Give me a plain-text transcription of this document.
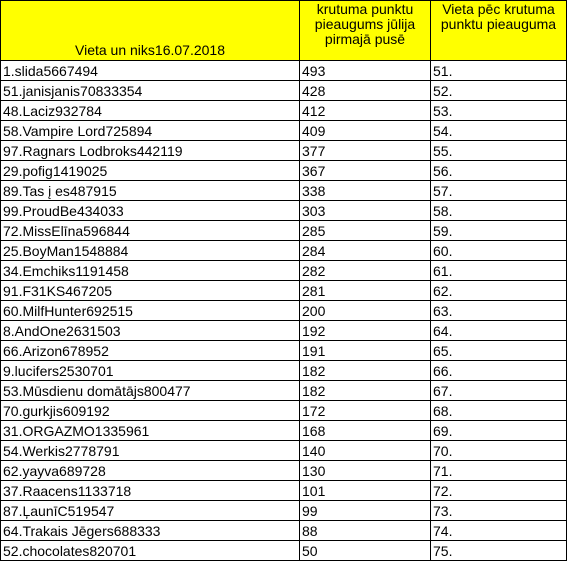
Vieta un niks16.07.2018	krutuma punktu pieaugums jūlija pirmajā pusē	Vieta pēc krutuma punktu pieauguma
1.slida5667494	493	51.
51.janisjanis70833354	428	52.
48.Laciz932784	412	53.
58.Vampire Lord725894	409	54.
97.Ragnars Lodbroks442119	377	55.
29.pofig1419025	367	56.
89.Tas į es487915	338	57.
99.ProudBe434033	303	58.
72.MissElīna596844	285	59.
25.BoyMan1548884	284	60.
34.Emchiks1191458	282	61.
91.F31KS467205	281	62.
60.MilfHunter692515	200	63.
8.AndOne2631503	192	64.
66.Arizon678952	191	65.
9.lucifers2530701	182	66.
53.Mūsdienu domātājs800477	182	67.
70.gurkjis609192	172	68.
31.ORGAZMO1335961	168	69.
54.Werkis2778791	140	70.
62.yayva689728	130	71.
37.Raacens1133718	101	72.
87.ĻaunīC519547	99	73.
64.Trakais Jēgers688333	88	74.
52.chocolates820701	50	75.
